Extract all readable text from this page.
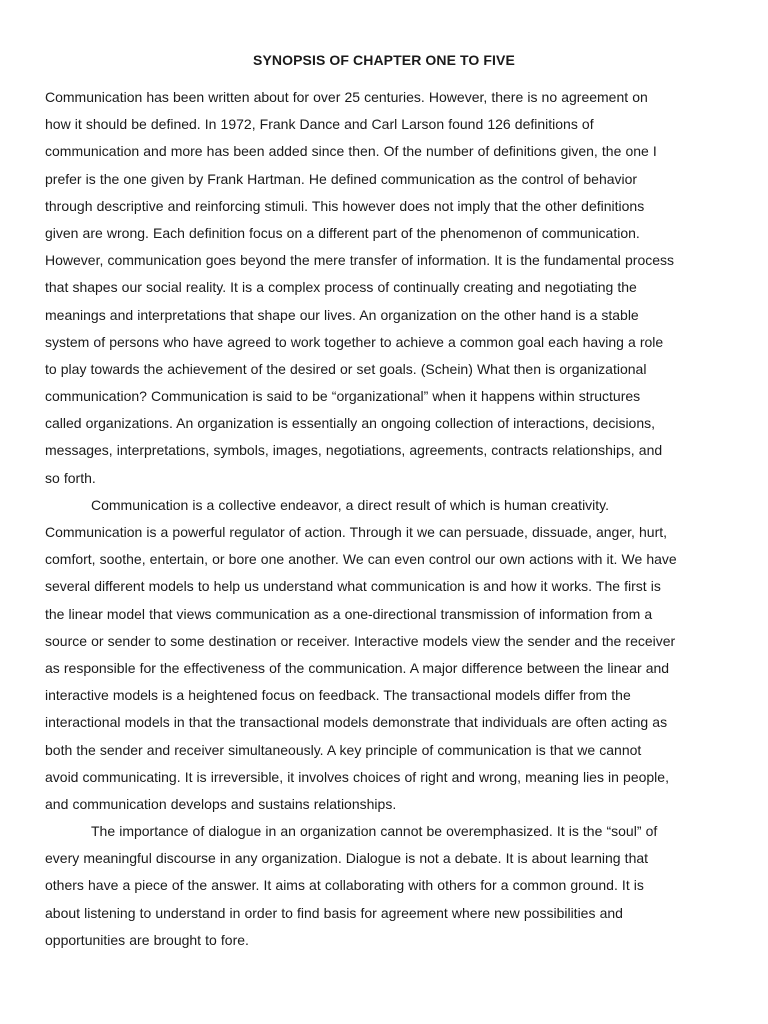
SYNOPSIS OF CHAPTER ONE TO FIVE
Communication has been written about for over 25 centuries. However, there is no agreement on
how it should be defined. In 1972, Frank Dance and Carl Larson found 126 definitions of
communication and more has been added since then. Of the number of definitions given, the one I
prefer is the one given by Frank Hartman. He defined communication as the control of behavior
through descriptive and reinforcing stimuli. This however does not imply that the other definitions
given are wrong. Each definition focus on a different part of the phenomenon of communication.
However, communication goes beyond the mere transfer of information. It is the fundamental process
that shapes our social reality. It is a complex process of continually creating and negotiating the
meanings and interpretations that shape our lives. An organization on the other hand is a stable
system of persons who have agreed to work together to achieve a common goal each having a role
to play towards the achievement of the desired or set goals. (Schein) What then is organizational
communication? Communication is said to be “organizational” when it happens within structures
called organizations. An organization is essentially an ongoing collection of interactions, decisions,
messages, interpretations, symbols, images, negotiations, agreements, contracts relationships, and
so forth.
Communication is a collective endeavor, a direct result of which is human creativity.
Communication is a powerful regulator of action. Through it we can persuade, dissuade, anger, hurt,
comfort, soothe, entertain, or bore one another. We can even control our own actions with it. We have
several different models to help us understand what communication is and how it works. The first is
the linear model that views communication as a one-directional transmission of information from a
source or sender to some destination or receiver. Interactive models view the sender and the receiver
as responsible for the effectiveness of the communication. A major difference between the linear and
interactive models is a heightened focus on feedback. The transactional models differ from the
interactional models in that the transactional models demonstrate that individuals are often acting as
both the sender and receiver simultaneously. A key principle of communication is that we cannot
avoid communicating. It is irreversible, it involves choices of right and wrong, meaning lies in people,
and communication develops and sustains relationships.
The importance of dialogue in an organization cannot be overemphasized. It is the “soul” of
every meaningful discourse in any organization. Dialogue is not a debate. It is about learning that
others have a piece of the answer. It aims at collaborating with others for a common ground. It is
about listening to understand in order to find basis for agreement where new possibilities and
opportunities are brought to fore.
